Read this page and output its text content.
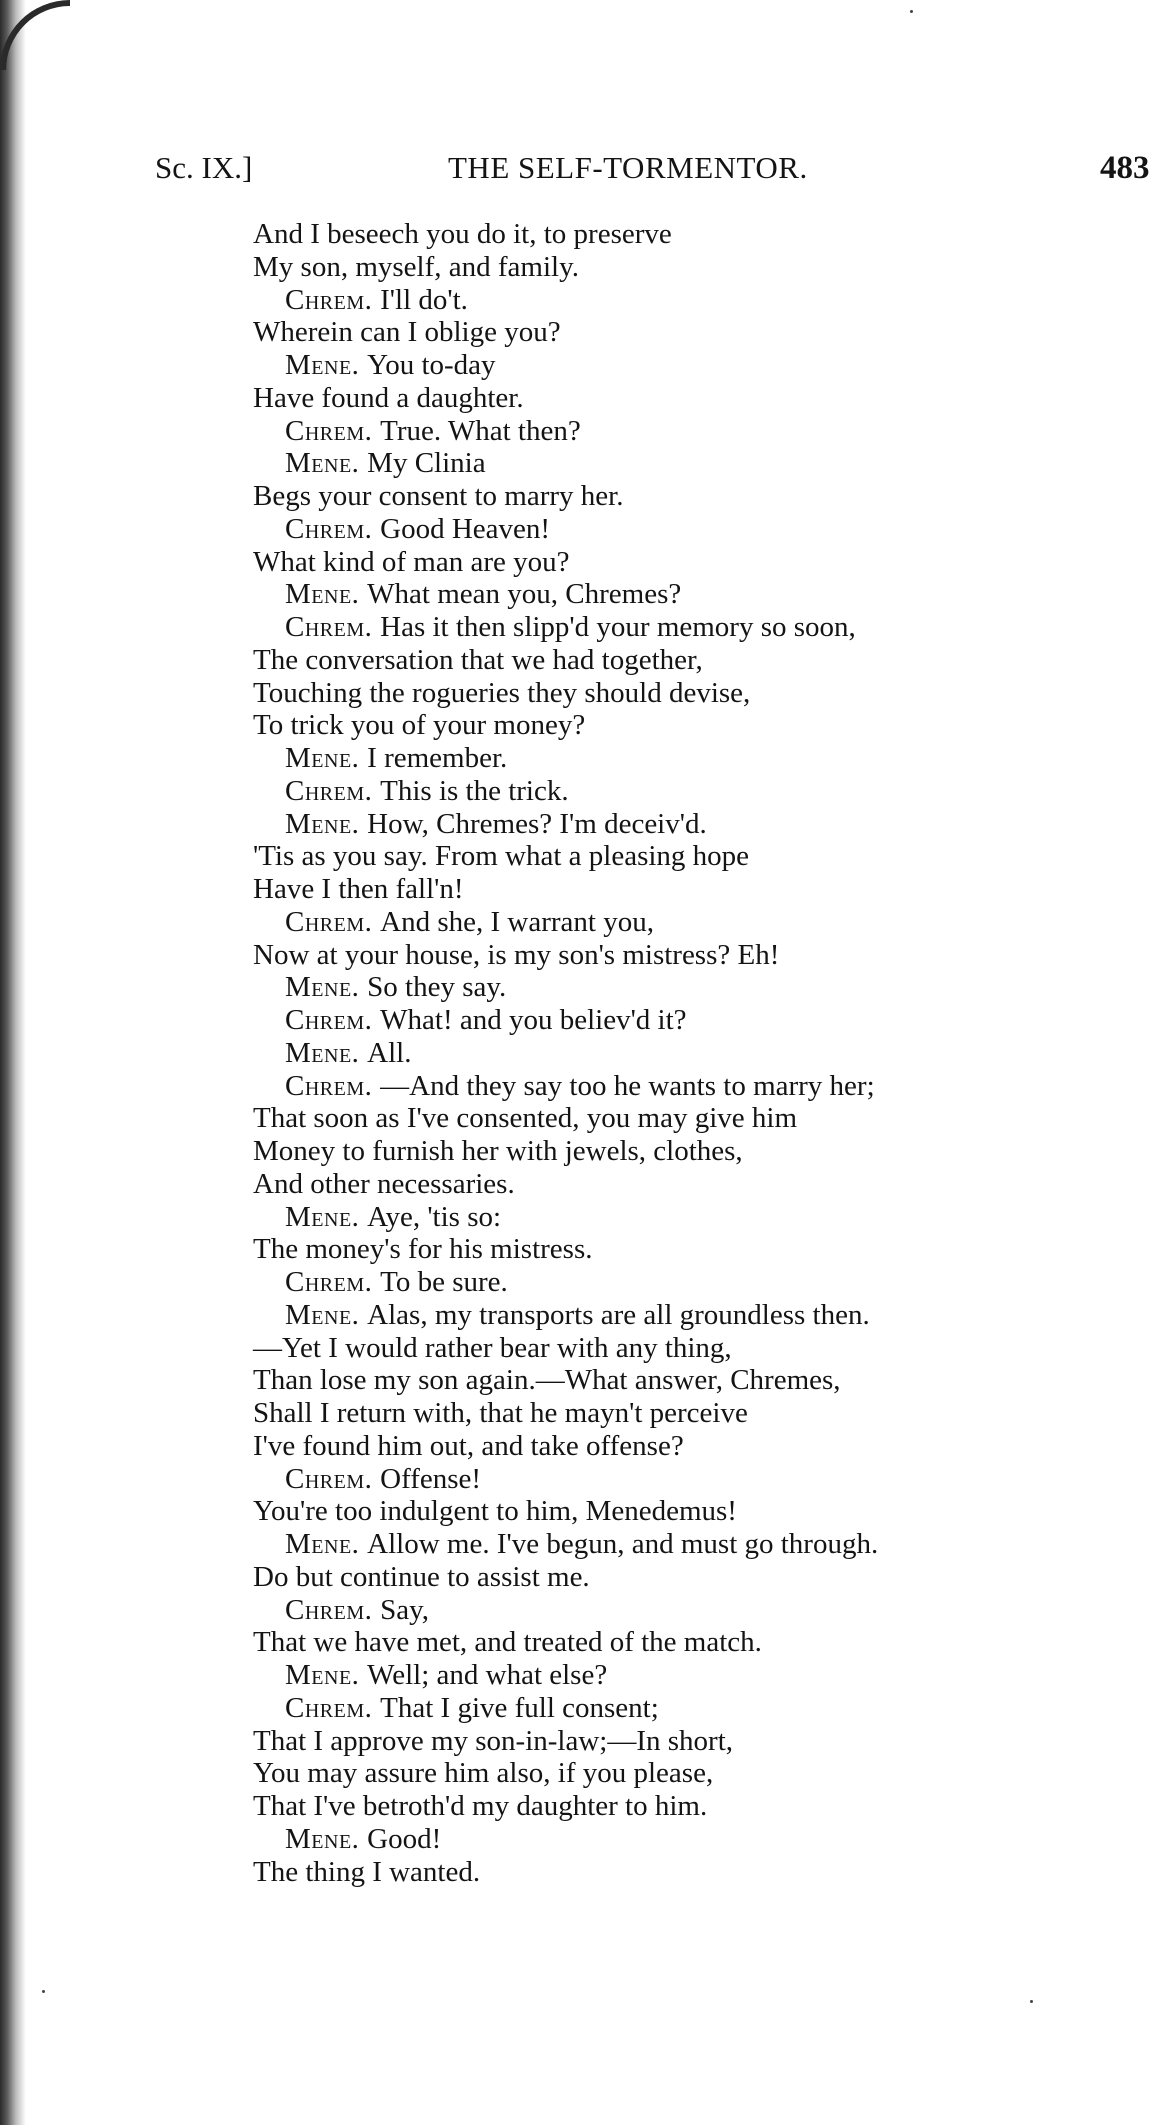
Sc. IX.]	THE SELF-TORMENTOR.	483
And I beseech you do it, to preserve
My son, myself, and family.
Chrem . I'll do't.
Wherein can I oblige you?
Mene . You to-day
Have found a daughter.
Chrem . True. What then?
Mene . My Clinia
Begs your consent to marry her.
Chrem . Good Heaven!
What kind of man are you?
Mene . What mean you, Chremes?
Chrem . Has it then slipp'd your memory so soon,
The conversation that we had together,
Touching the rogueries they should devise,
To trick you of your money?
Mene . I remember.
Chrem . This is the trick.
Mene . How, Chremes? I'm deceiv'd.
'Tis as you say. From what a pleasing hope
Have I then fall'n!
Chrem . And she, I warrant you,
Now at your house, is my son's mistress? Eh!
Mene . So they say.
Chrem . What! and you believ'd it?
Mene . All.
Chrem . —And they say too he wants to marry her;
That soon as I've consented, you may give him
Money to furnish her with jewels, clothes,
And other necessaries.
Mene . Aye, 'tis so:
The money's for his mistress.
Chrem . To be sure.
Mene . Alas, my transports are all groundless then.
—Yet I would rather bear with any thing,
Than lose my son again.—What answer, Chremes,
Shall I return with, that he mayn't perceive
I've found him out, and take offense?
Chrem . Offense!
You're too indulgent to him, Menedemus!
Mene . Allow me. I've begun, and must go through.
Do but continue to assist me.
Chrem . Say,
That we have met, and treated of the match.
Mene . Well; and what else?
Chrem . That I give full consent;
That I approve my son-in-law;—In short,
You may assure him also, if you please,
That I've betroth'd my daughter to him.
Mene . Good!
The thing I wanted.
